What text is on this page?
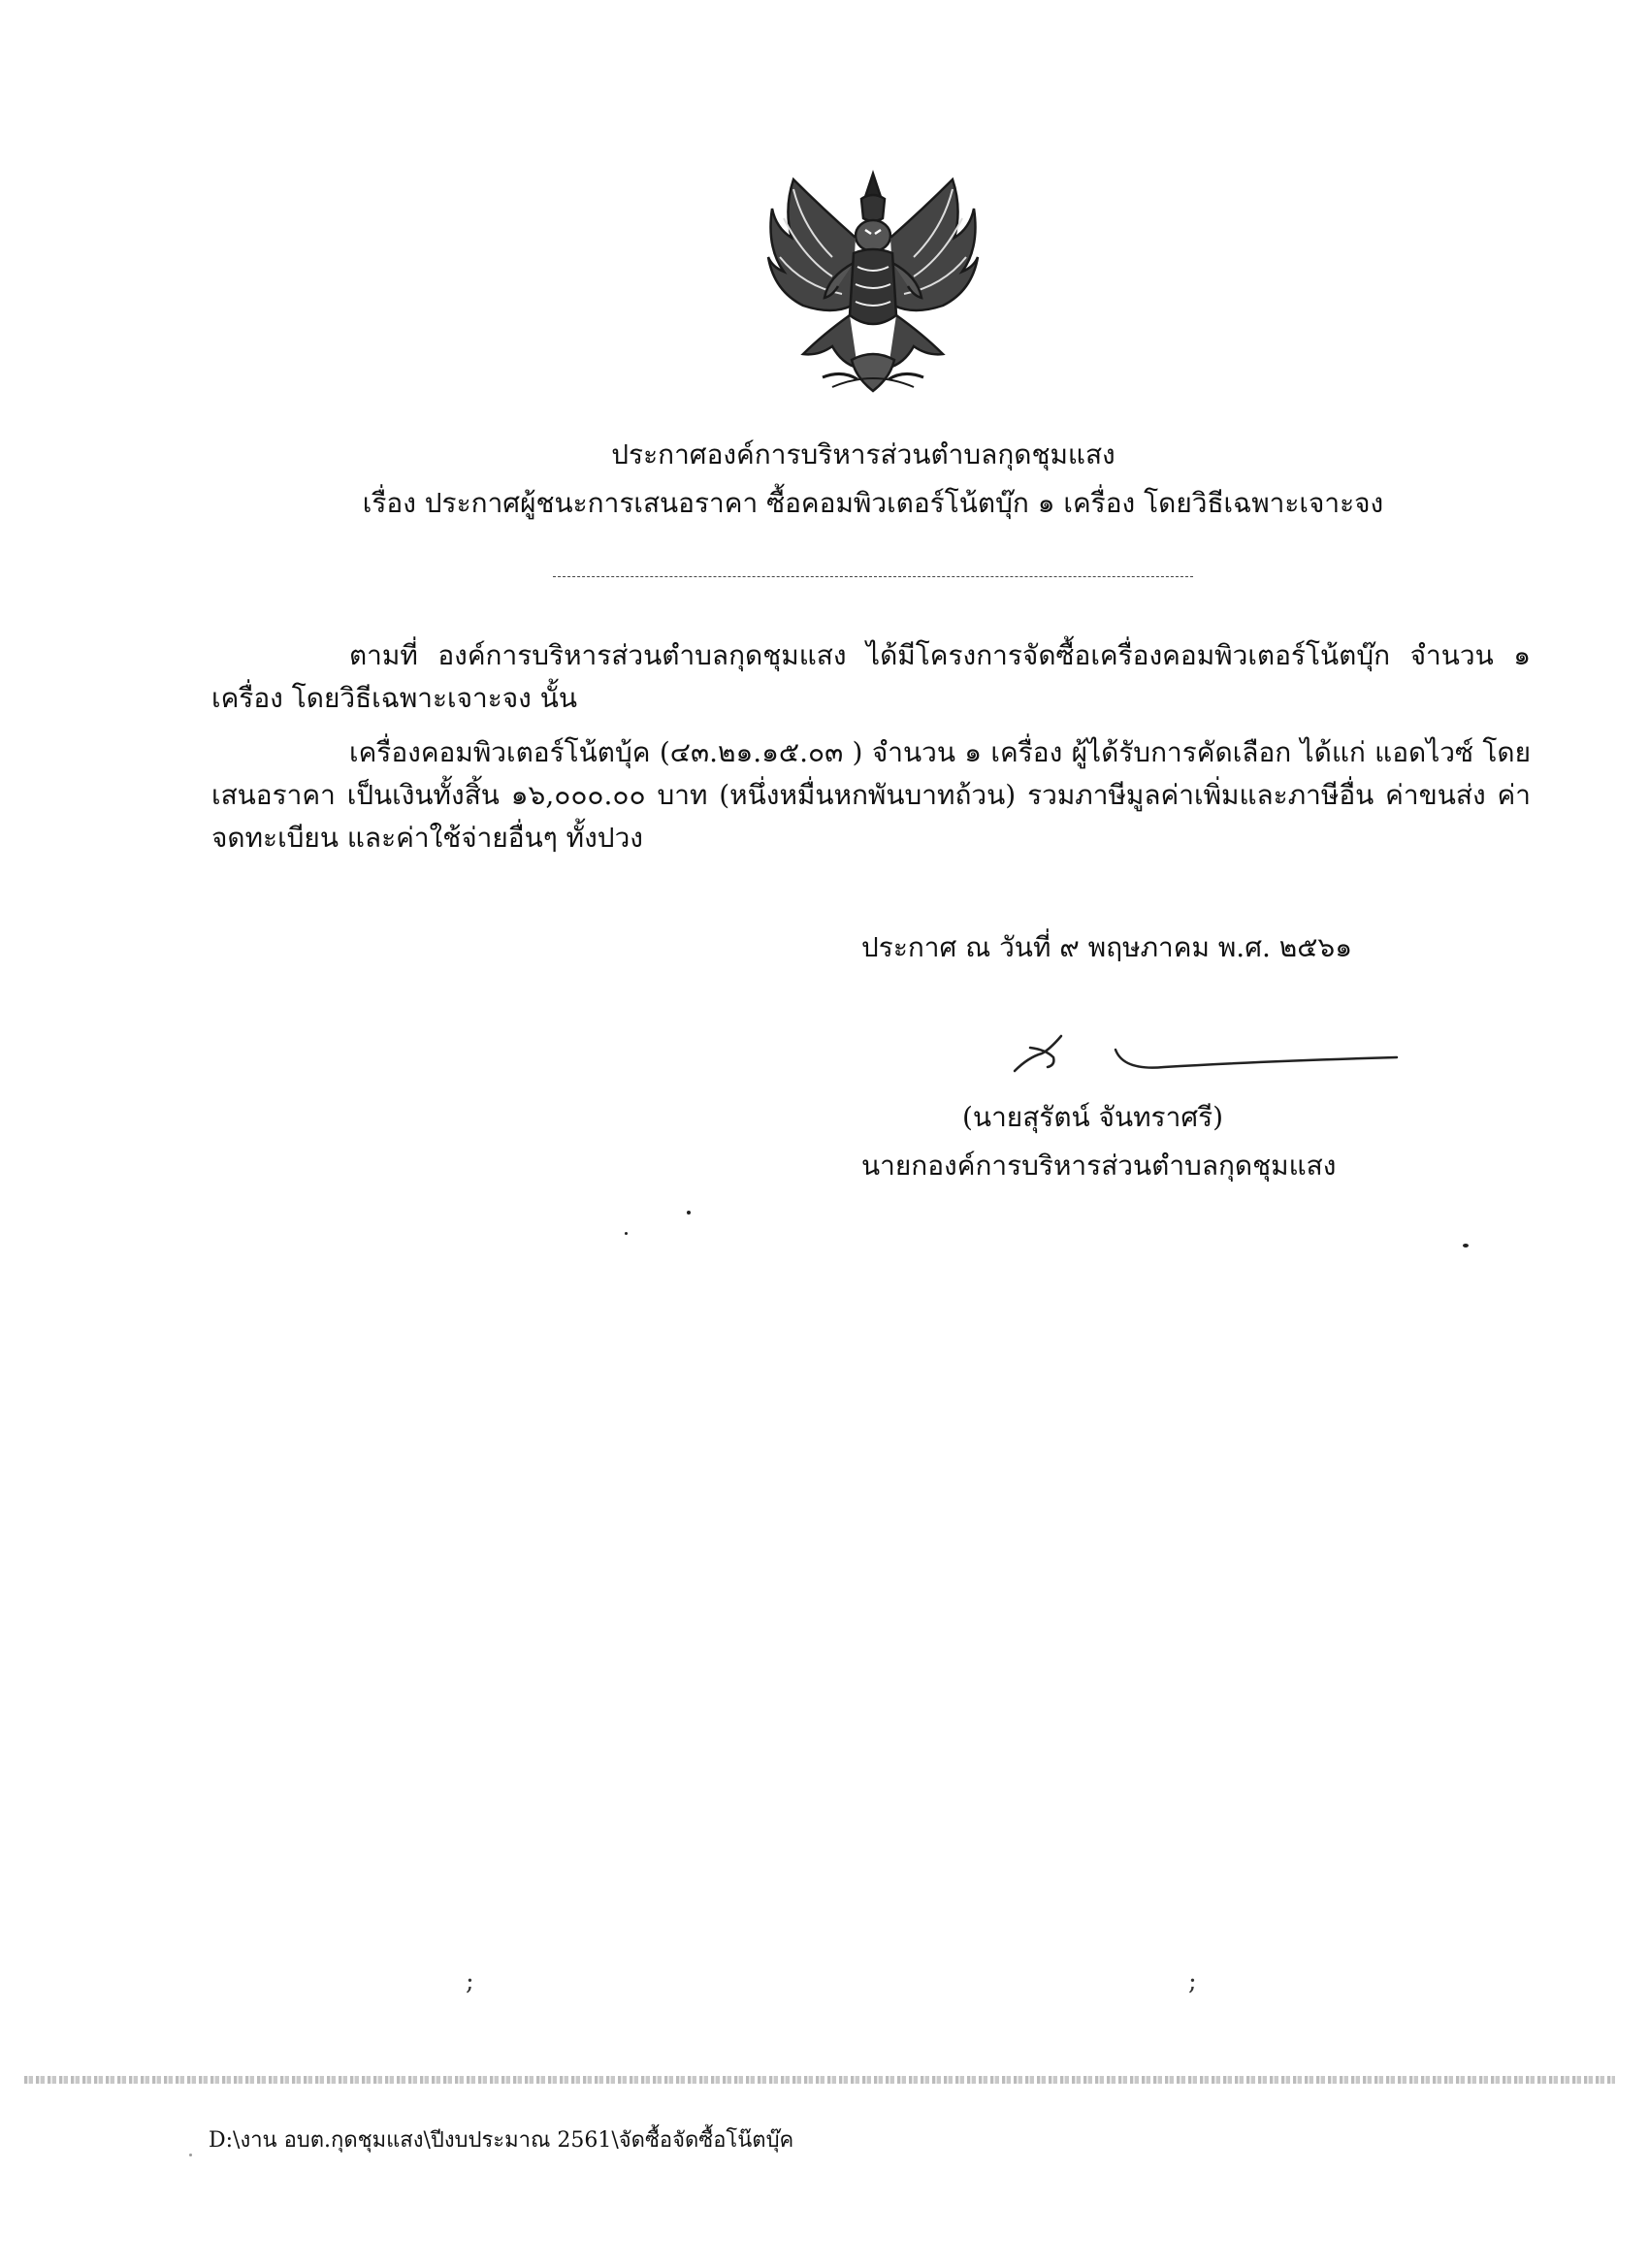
ประกาศองค์การบริหารส่วนตำบลกุดชุมแสง
เรื่อง ประกาศผู้ชนะการเสนอราคา ซื้อคอมพิวเตอร์โน้ตบุ๊ก ๑ เครื่อง โดยวิธีเฉพาะเจาะจง
ตามที่ องค์การบริหารส่วนตำบลกุดชุมแสง ได้มีโครงการจัดซื้อเครื่องคอมพิวเตอร์โน้ตบุ๊ก จำนวน ๑ เครื่อง โดยวิธีเฉพาะเจาะจง นั้น
เครื่องคอมพิวเตอร์โน้ตบุ้ค (๔๓.๒๑.๑๕.๐๓ ) จำนวน ๑ เครื่อง ผู้ได้รับการคัดเลือก ได้แก่ แอดไวซ์ โดยเสนอราคา เป็นเงินทั้งสิ้น ๑๖,๐๐๐.๐๐ บาท (หนึ่งหมื่นหกพันบาทถ้วน) รวมภาษีมูลค่าเพิ่มและภาษีอื่น ค่าขนส่ง ค่าจดทะเบียน และค่าใช้จ่ายอื่นๆ ทั้งปวง
ประกาศ ณ วันที่ ๙ พฤษภาคม พ.ศ. ๒๕๖๑
(นายสุรัตน์ จันทราศรี)
นายกองค์การบริหารส่วนตำบลกุดชุมแสง
;	;
D:\งาน อบต.กุดชุมแสง\ปีงบประมาณ 2561\จัดซื้อจัดซื้อโน๊ตบุ๊ค
